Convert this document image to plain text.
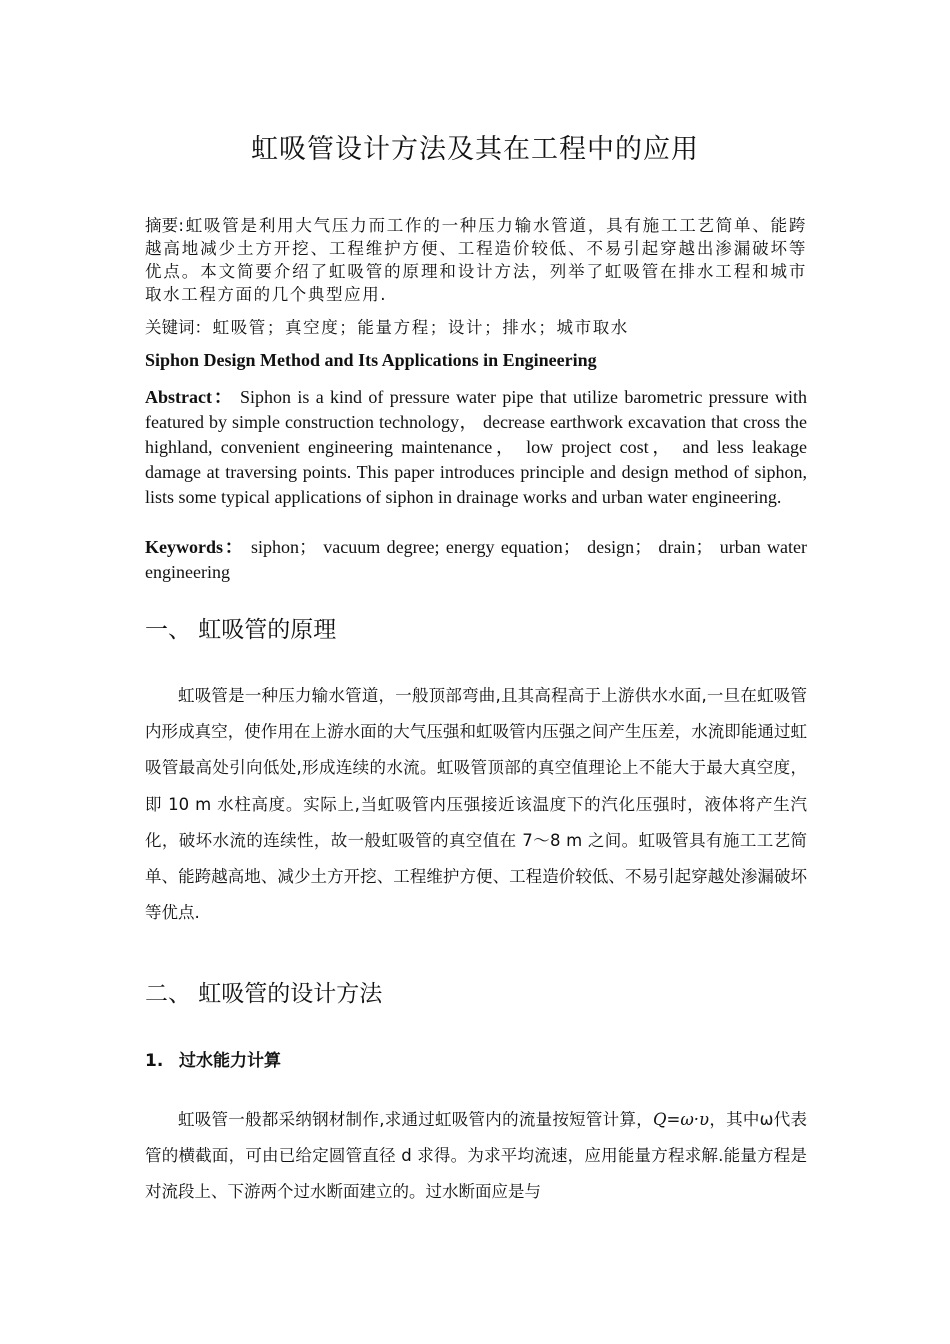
虹吸管设计方法及其在工程中的应用
摘要:虹吸管是利用大气压力而工作的一种压力输水管道，具有施工工艺简单、能跨越高地减少土方开挖、工程维护方便、工程造价较低、不易引起穿越出渗漏破坏等优点。本文简要介绍了虹吸管的原理和设计方法，列举了虹吸管在排水工程和城市取水工程方面的几个典型应用.
关键词：虹吸管；真空度；能量方程；设计；排水；城市取水
Siphon Design Method and Its Applications in Engineering
Abstract： Siphon is a kind of pressure water pipe that utilize barometric pressure with featured by simple construction technology， decrease earthwork excavation that cross the highland, convenient engineering maintenance， low project cost， and less leakage damage at traversing points. This paper introduces principle and design method of siphon, lists some typical applications of siphon in drainage works and urban water engineering.
Keywords： siphon； vacuum degree; energy equation； design； drain； urban water engineering
一、 虹吸管的原理
虹吸管是一种压力输水管道，一般顶部弯曲,且其高程高于上游供水水面,一旦在虹吸管内形成真空，使作用在上游水面的大气压强和虹吸管内压强之间产生压差，水流即能通过虹吸管最高处引向低处,形成连续的水流。虹吸管顶部的真空值理论上不能大于最大真空度，即 10 m 水柱高度。实际上,当虹吸管内压强接近该温度下的汽化压强时，液体将产生汽化，破坏水流的连续性，故一般虹吸管的真空值在 7～8 m 之间。虹吸管具有施工工艺简单、能跨越高地、减少土方开挖、工程维护方便、工程造价较低、不易引起穿越处渗漏破坏等优点.
二、 虹吸管的设计方法
1. 过水能力计算
虹吸管一般都采纳钢材制作,求通过虹吸管内的流量按短管计算，Q=ω·υ，其中ω代表管的横截面，可由已给定圆管直径 d 求得。为求平均流速，应用能量方程求解.能量方程是对流段上、下游两个过水断面建立的。过水断面应是与
